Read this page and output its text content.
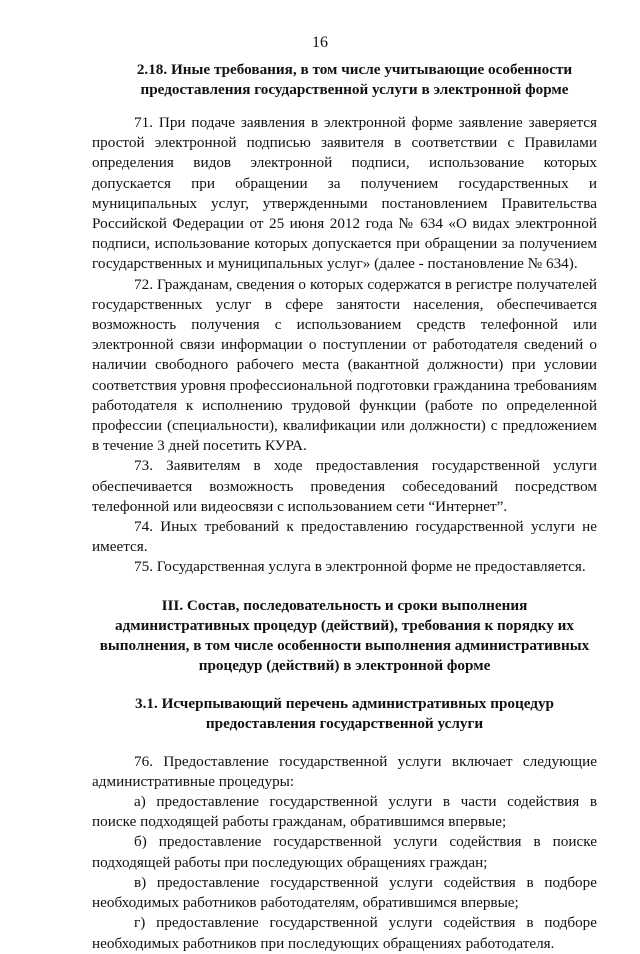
16
2.18. Иные требования, в том числе учитывающие особенности
предоставления государственной услуги в электронной форме

71. При подаче заявления в электронной форме заявление заверяется простой электронной подписью заявителя в соответствии с Правилами определения видов электронной подписи, использование которых допускается при обращении за получением государственных и муниципальных услуг, утвержденными постановлением Правительства Российской Федерации от 25 июня 2012 года № 634 «О видах электронной подписи, использование которых допускается при обращении за получением государственных и муниципальных услуг» (далее - постановление № 634).

72. Гражданам, сведения о которых содержатся в регистре получателей государственных услуг в сфере занятости населения, обеспечивается возможность получения с использованием средств телефонной или электронной связи информации о поступлении от работодателя сведений о наличии свободного рабочего места (вакантной должности) при условии соответствия уровня профессиональной подготовки гражданина требованиям работодателя к исполнению трудовой функции (работе по определенной профессии (специальности), квалификации или должности) с предложением в течение 3 дней посетить КУРА.

73. Заявителям в ходе предоставления государственной услуги обеспечивается возможность проведения собеседований посредством телефонной или видеосвязи с использованием сети “Интернет”.

74. Иных требований к предоставлению государственной услуги не имеется.

75. Государственная услуга в электронной форме не предоставляется.

III. Состав, последовательность и сроки выполнения
административных процедур (действий), требования к порядку их
выполнения, в том числе особенности выполнения административных
процедур (действий) в электронной форме
3.1. Исчерпывающий перечень административных процедур
предоставления государственной услуги

76. Предоставление государственной услуги включает следующие административные процедуры:

а) предоставление государственной услуги в части содействия в поиске подходящей работы гражданам, обратившимся впервые;

б) предоставление государственной услуги содействия в поиске подходящей работы при последующих обращениях граждан;

в) предоставление государственной услуги содействия в подборе необходимых работников работодателям, обратившимся впервые;

г) предоставление государственной услуги содействия в подборе необходимых работников при последующих обращениях работодателя.
